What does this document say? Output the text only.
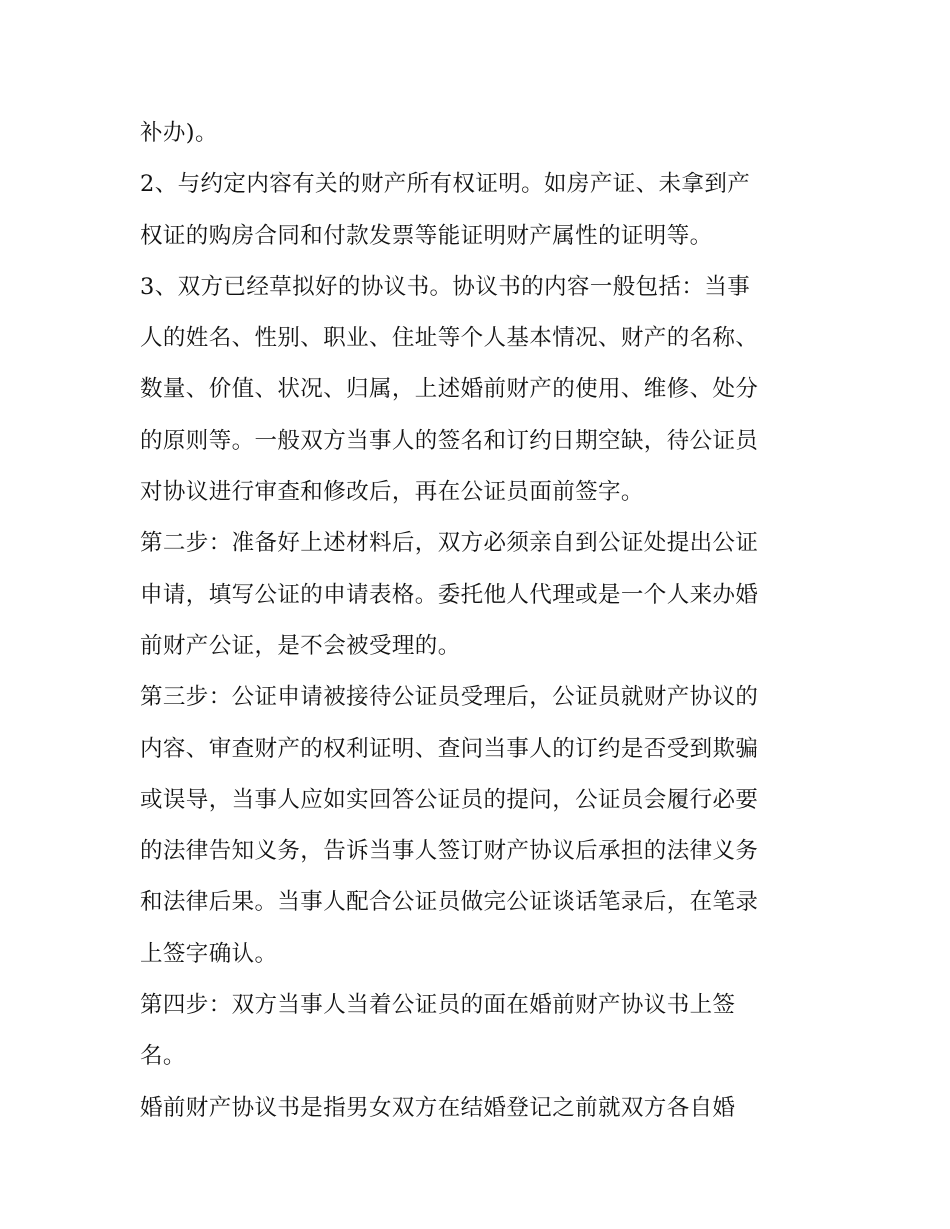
补办)。
2、与约定内容有关的财产所有权证明。如房产证、未拿到产
权证的购房合同和付款发票等能证明财产属性的证明等。
3、双方已经草拟好的协议书。协议书的内容一般包括：当事
人的姓名、性别、职业、住址等个人基本情况、财产的名称、
数量、价值、状况、归属，上述婚前财产的使用、维修、处分
的原则等。一般双方当事人的签名和订约日期空缺，待公证员
对协议进行审查和修改后，再在公证员面前签字。
第二步：准备好上述材料后，双方必须亲自到公证处提出公证
申请，填写公证的申请表格。委托他人代理或是一个人来办婚
前财产公证，是不会被受理的。
第三步：公证申请被接待公证员受理后，公证员就财产协议的
内容、审查财产的权利证明、查问当事人的订约是否受到欺骗
或误导，当事人应如实回答公证员的提问，公证员会履行必要
的法律告知义务，告诉当事人签订财产协议后承担的法律义务
和法律后果。当事人配合公证员做完公证谈话笔录后，在笔录
上签字确认。
第四步：双方当事人当着公证员的面在婚前财产协议书上签
名。
婚前财产协议书是指男女双方在结婚登记之前就双方各自婚
